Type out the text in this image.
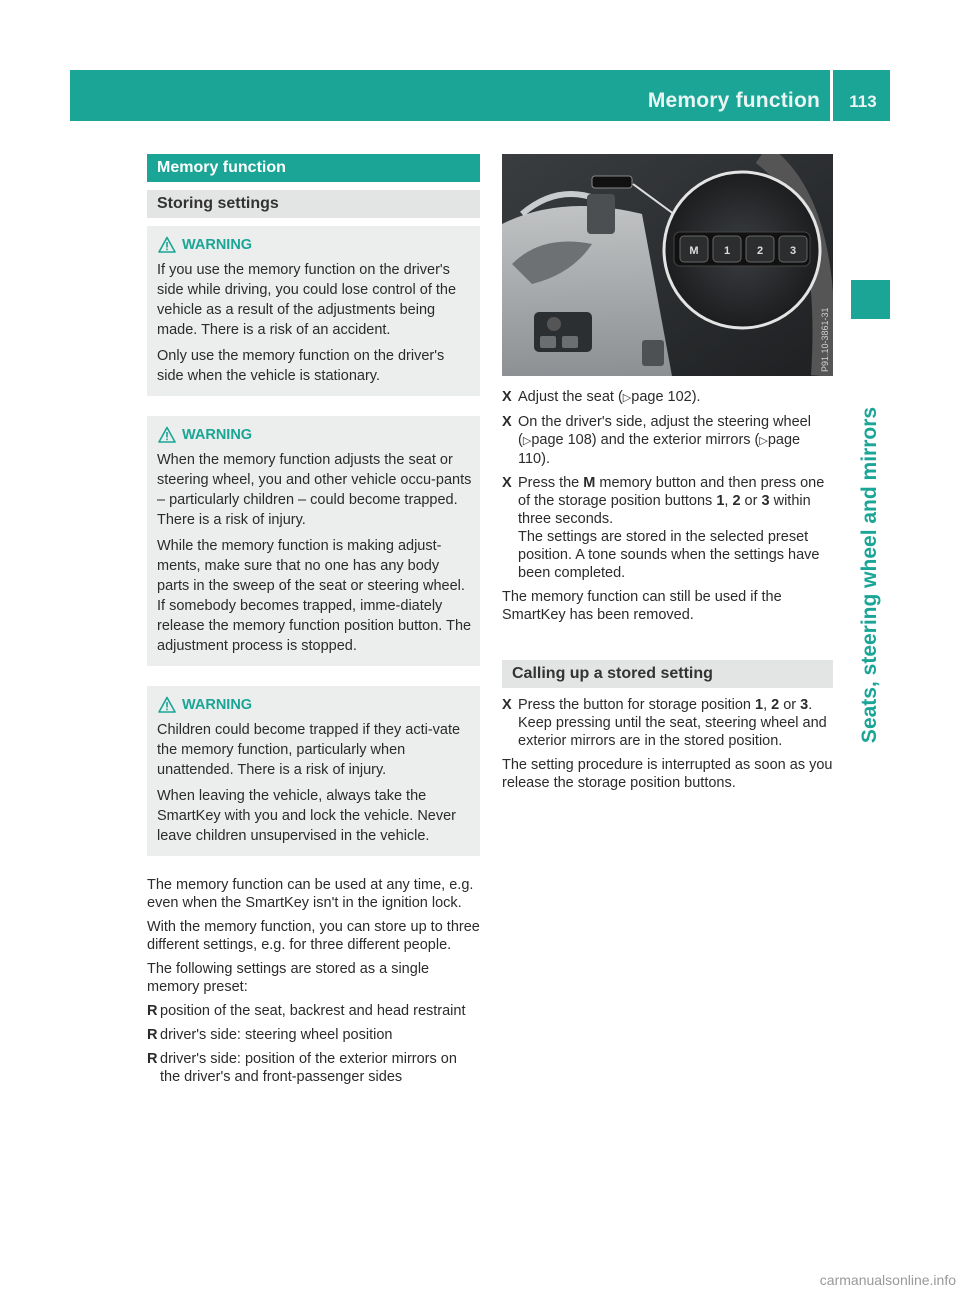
Memory function	113
Seats, steering wheel and mirrors
Memory function
Storing settings
WARNING

If you use the memory function on the driver's side while driving, you could lose control of the vehicle as a result of the adjustments being made. There is a risk of an accident.

Only use the memory function on the driver's side when the vehicle is stationary.

WARNING

When the memory function adjusts the seat or steering wheel, you and other vehicle occu-pants – particularly children – could become trapped. There is a risk of injury.

While the memory function is making adjust-ments, make sure that no one has any body parts in the sweep of the seat or steering wheel. If somebody becomes trapped, imme-diately release the memory function position button. The adjustment process is stopped.

WARNING

Children could become trapped if they acti-vate the memory function, particularly when unattended. There is a risk of injury.

When leaving the vehicle, always take the SmartKey with you and lock the vehicle. Never leave children unsupervised in the vehicle.

The memory function can be used at any time, e.g. even when the SmartKey isn't in the ignition lock.

With the memory function, you can store up to three different settings, e.g. for three different people.

The following settings are stored as a single memory preset:

R position of the seat, backrest and head restraint
R driver's side: steering wheel position
R driver's side: position of the exterior mirrors on the driver's and front-passenger sides
M 1 2 3
P91.10-3861-31
X Adjust the seat (▷page 102).
X On the driver's side, adjust the steering wheel (▷page 108) and the exterior mirrors (▷page 110).
X Press the M memory button and then press one of the storage position buttons 1, 2 or 3 within three seconds.
The settings are stored in the selected preset position. A tone sounds when the settings have been completed.

The memory function can still be used if the SmartKey has been removed.

Calling up a stored setting
X Press the button for storage position 1, 2 or 3. Keep pressing until the seat, steering wheel and exterior mirrors are in the stored position.

The setting procedure is interrupted as soon as you release the storage position buttons.

carmanualsonline.info
